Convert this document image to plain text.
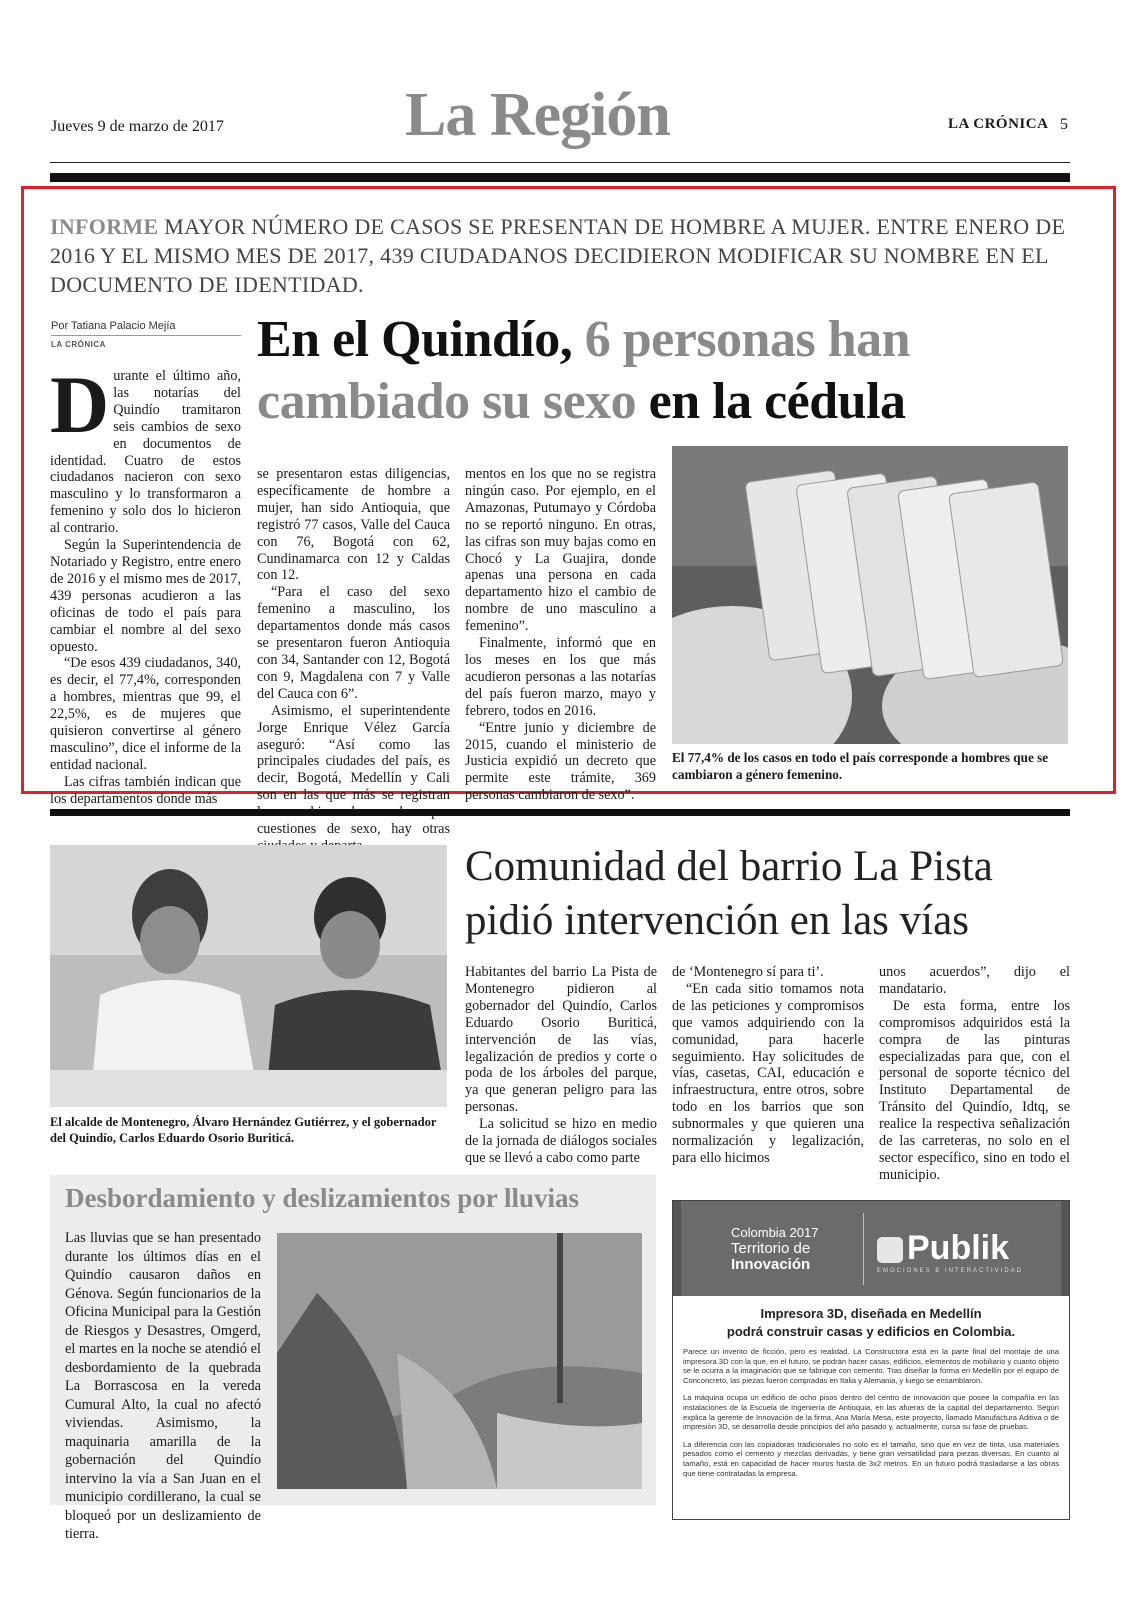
Jueves 9 de marzo de 2017	La Región	LA CRÓNICA 5
INFORME MAYOR NÚMERO DE CASOS SE PRESENTAN DE HOMBRE A MUJER. ENTRE ENERO DE 2016 Y EL MISMO MES DE 2017, 439 CIUDADANOS DECIDIERON MODIFICAR SU NOMBRE EN EL DOCUMENTO DE IDENTIDAD.
Por Tatiana Palacio Mejía
LA CRÓNICA	En el Quindío, 6 personas han cambiado su sexo en la cédula

Durante el último año, las notarías del Quindío tramitaron seis cambios de sexo en documentos de identidad. Cuatro de estos ciudadanos nacieron con sexo masculino y lo transformaron a femenino y solo dos lo hicieron al contrario.

Según la Superintendencia de Notariado y Registro, entre enero de 2016 y el mismo mes de 2017, 439 personas acudieron a las oficinas de todo el país para cambiar el nombre al del sexo opuesto.

“De esos 439 ciudadanos, 340, es decir, el 77,4%, corresponden a hombres, mientras que 99, el 22,5%, es de mujeres que quisieron convertirse al género masculino”, dice el informe de la entidad nacional.

Las cifras también indican que los departamentos donde más

se presentaron estas diligencias, específicamente de hombre a mujer, han sido Antioquia, que registró 77 casos, Valle del Cauca con 76, Bogotá con 62, Cundinamarca con 12 y Caldas con 12.

“Para el caso del sexo femenino a masculino, los departamentos donde más casos se presentaron fueron Antioquia con 34, Santander con 12, Bogotá con 9, Magdalena con 7 y Valle del Cauca con 6”.

Asimismo, el superintendente Jorge Enrique Vélez García aseguró: “Así como las principales ciudades del país, es decir, Bogotá, Medellín y Cali son en las que más se registran cuestiones de sexo, hay otras

mentos en los que no se registra ningún caso. Por ejemplo, en el Amazonas, Putumayo y Córdoba no se reportó ninguno. En otras, las cifras son muy bajas como en Chocó y La Guajira, donde apenas una persona en cada departamento hizo el cambio de nombre de uno masculino a femenino”.

Finalmente, informó que en los meses en los que más acudieron personas a las notarías del país fueron marzo, mayo y febrero, todos en 2016.

“Entre junio y diciembre de 2015, cuando el ministerio de Justicia expidió un decreto que permite este trámite, 369 personas cambiaron de sexo”.

El 77,4% de los casos en todo el país corresponde a hombres que se cambiaron a género femenino.
El alcalde de Montenegro, Álvaro Hernández Gutiérrez, y el gobernador del Quindío, Carlos Eduardo Osorio Buriticá.
Comunidad del barrio La Pista pidió intervención en las vías

Habitantes del barrio La Pista de Montenegro pidieron al gobernador del Quindío, Carlos Eduardo Osorio Buriticá, intervención de las vías, legalización de predios y corte o poda de los árboles del parque, ya que generan peligro para las personas.

La solicitud se hizo en medio de la jornada de diálogos sociales que se llevó a cabo como parte

de ‘Montenegro sí para ti’.

“En cada sitio tomamos nota de las peticiones y compromisos que vamos adquiriendo con la comunidad, para hacerle seguimiento. Hay solicitudes de vías, casetas, CAI, educación e infraestructura, entre otros, sobre todo en los barrios que son subnormales y que quieren una normalización y legalización, para ello hicimos

unos acuerdos”, dijo el mandatario.

De esta forma, entre los compromisos adquiridos está la compra de las pinturas especializadas para que, con el personal de soporte técnico del Instituto Departamental de Tránsito del Quindío, Idtq, se realice la respectiva señalización de las carreteras, no solo en el sector específico, sino en todo el municipio.

Desbordamiento y deslizamientos por lluvias
Las lluvias que se han presentado durante los últimos días en el Quindío causaron daños en Génova. Según funcionarios de la Oficina Municipal para la Gestión de Riesgos y Desastres, Omgerd, el martes en la noche se atendió el desbordamiento de la quebrada La Borrascosa en la vereda Cumural Alto, la cual no afectó viviendas. Asimismo, la maquinaria amarilla de la gobernación del Quindío intervino la vía a San Juan en el municipio cordillerano, la cual se bloqueó por un deslizamiento de tierra.
Colombia 2017
Territorio de
Innovación	Publik
EMOCIONES E INTERACTIVIDAD
Impresora 3D, diseñada en Medellín
podrá construir casas y edificios en Colombia.

Parece un invento de ficción, pero es realidad. La Constructora está en la parte final del montaje de una impresora 3D con la que, en el futuro, se podrán hacer casas, edificios, elementos de mobiliario y cuanto objeto se le ocurra a la imaginación que se fabrique con cemento. Tras diseñar la forma en Medellín por el equipo de Conconcreto, las piezas fueron compradas en Italia y Alemania, y luego se ensamblaron.

La máquina ocupa un edificio de ocho pisos dentro del centro de innovación que posee la compañía en las instalaciones de la Escuela de Ingeniería de Antioquia, en las afueras de la capital del departamento. Según explica la gerente de Innovación de la firma, Ana María Mesa, este proyecto, llamado Manufactura Aditiva o de impresión 3D, se desarrolla desde principios del año pasado y, actualmente, cursa su fase de pruebas.

La diferencia con las copiadoras tradicionales no solo es el tamaño, sino que en vez de tinta, usa materiales pesados como el cemento y mezclas derivadas, y tiene gran versatilidad para piezas diversas. En cuanto al tamaño, está en capacidad de hacer muros hasta de 3x2 metros. En un futuro podrá trasladarse a las obras que tiene contratadas la empresa.
